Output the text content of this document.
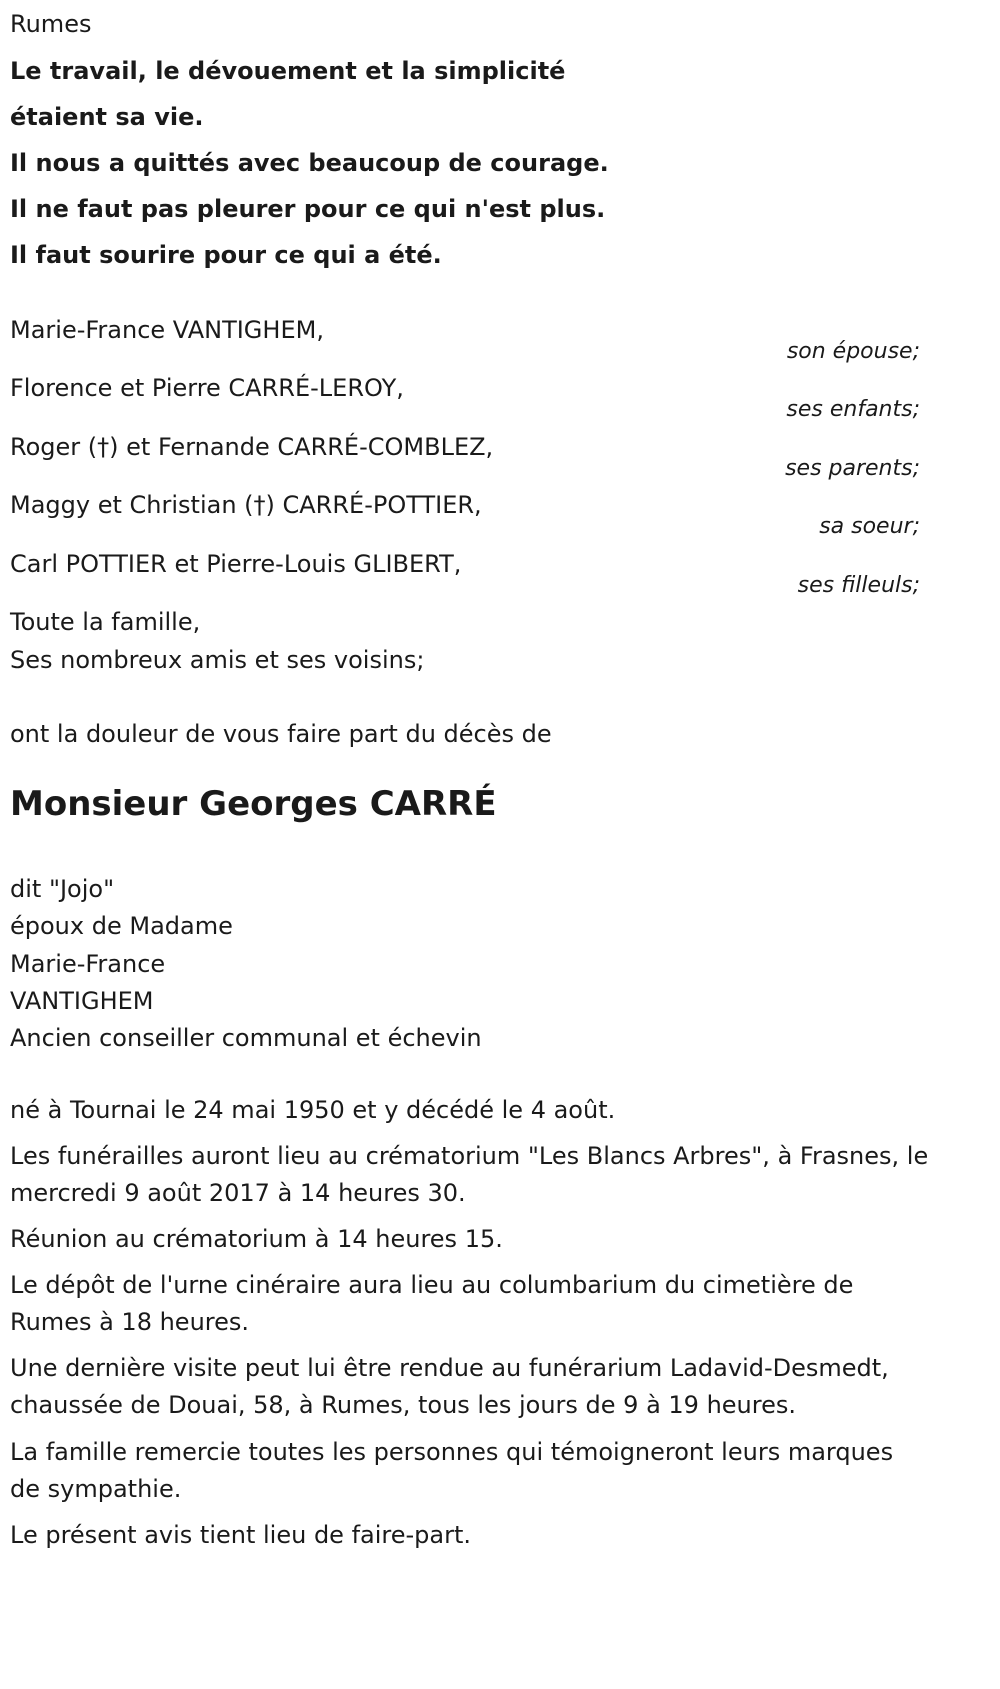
Rumes
Le travail, le dévouement et la simplicité
étaient sa vie.
Il nous a quittés avec beaucoup de courage.
Il ne faut pas pleurer pour ce qui n'est plus.
Il faut sourire pour ce qui a été.
Marie-France VANTIGHEM,
son épouse;
Florence et Pierre CARRÉ-LEROY,
ses enfants;
Roger (†) et Fernande CARRÉ-COMBLEZ,
ses parents;
Maggy et Christian (†) CARRÉ-POTTIER,
sa soeur;
Carl POTTIER et Pierre-Louis GLIBERT,
ses filleuls;
Toute la famille,
Ses nombreux amis et ses voisins;
ont la douleur de vous faire part du décès de
Monsieur Georges CARRÉ
dit "Jojo"
époux de Madame
Marie-France
VANTIGHEM
Ancien conseiller communal et échevin
né à Tournai le 24 mai 1950 et y décédé le 4 août.
Les funérailles auront lieu au crématorium "Les Blancs Arbres", à Frasnes, le mercredi 9 août 2017 à 14 heures 30.
Réunion au crématorium à 14 heures 15.
Le dépôt de l'urne cinéraire aura lieu au columbarium du cimetière de Rumes à 18 heures.
Une dernière visite peut lui être rendue au funérarium Ladavid-Desmedt, chaussée de Douai, 58, à Rumes, tous les jours de 9 à 19 heures.
La famille remercie toutes les personnes qui témoigneront leurs marques de sympathie.
Le présent avis tient lieu de faire-part.
